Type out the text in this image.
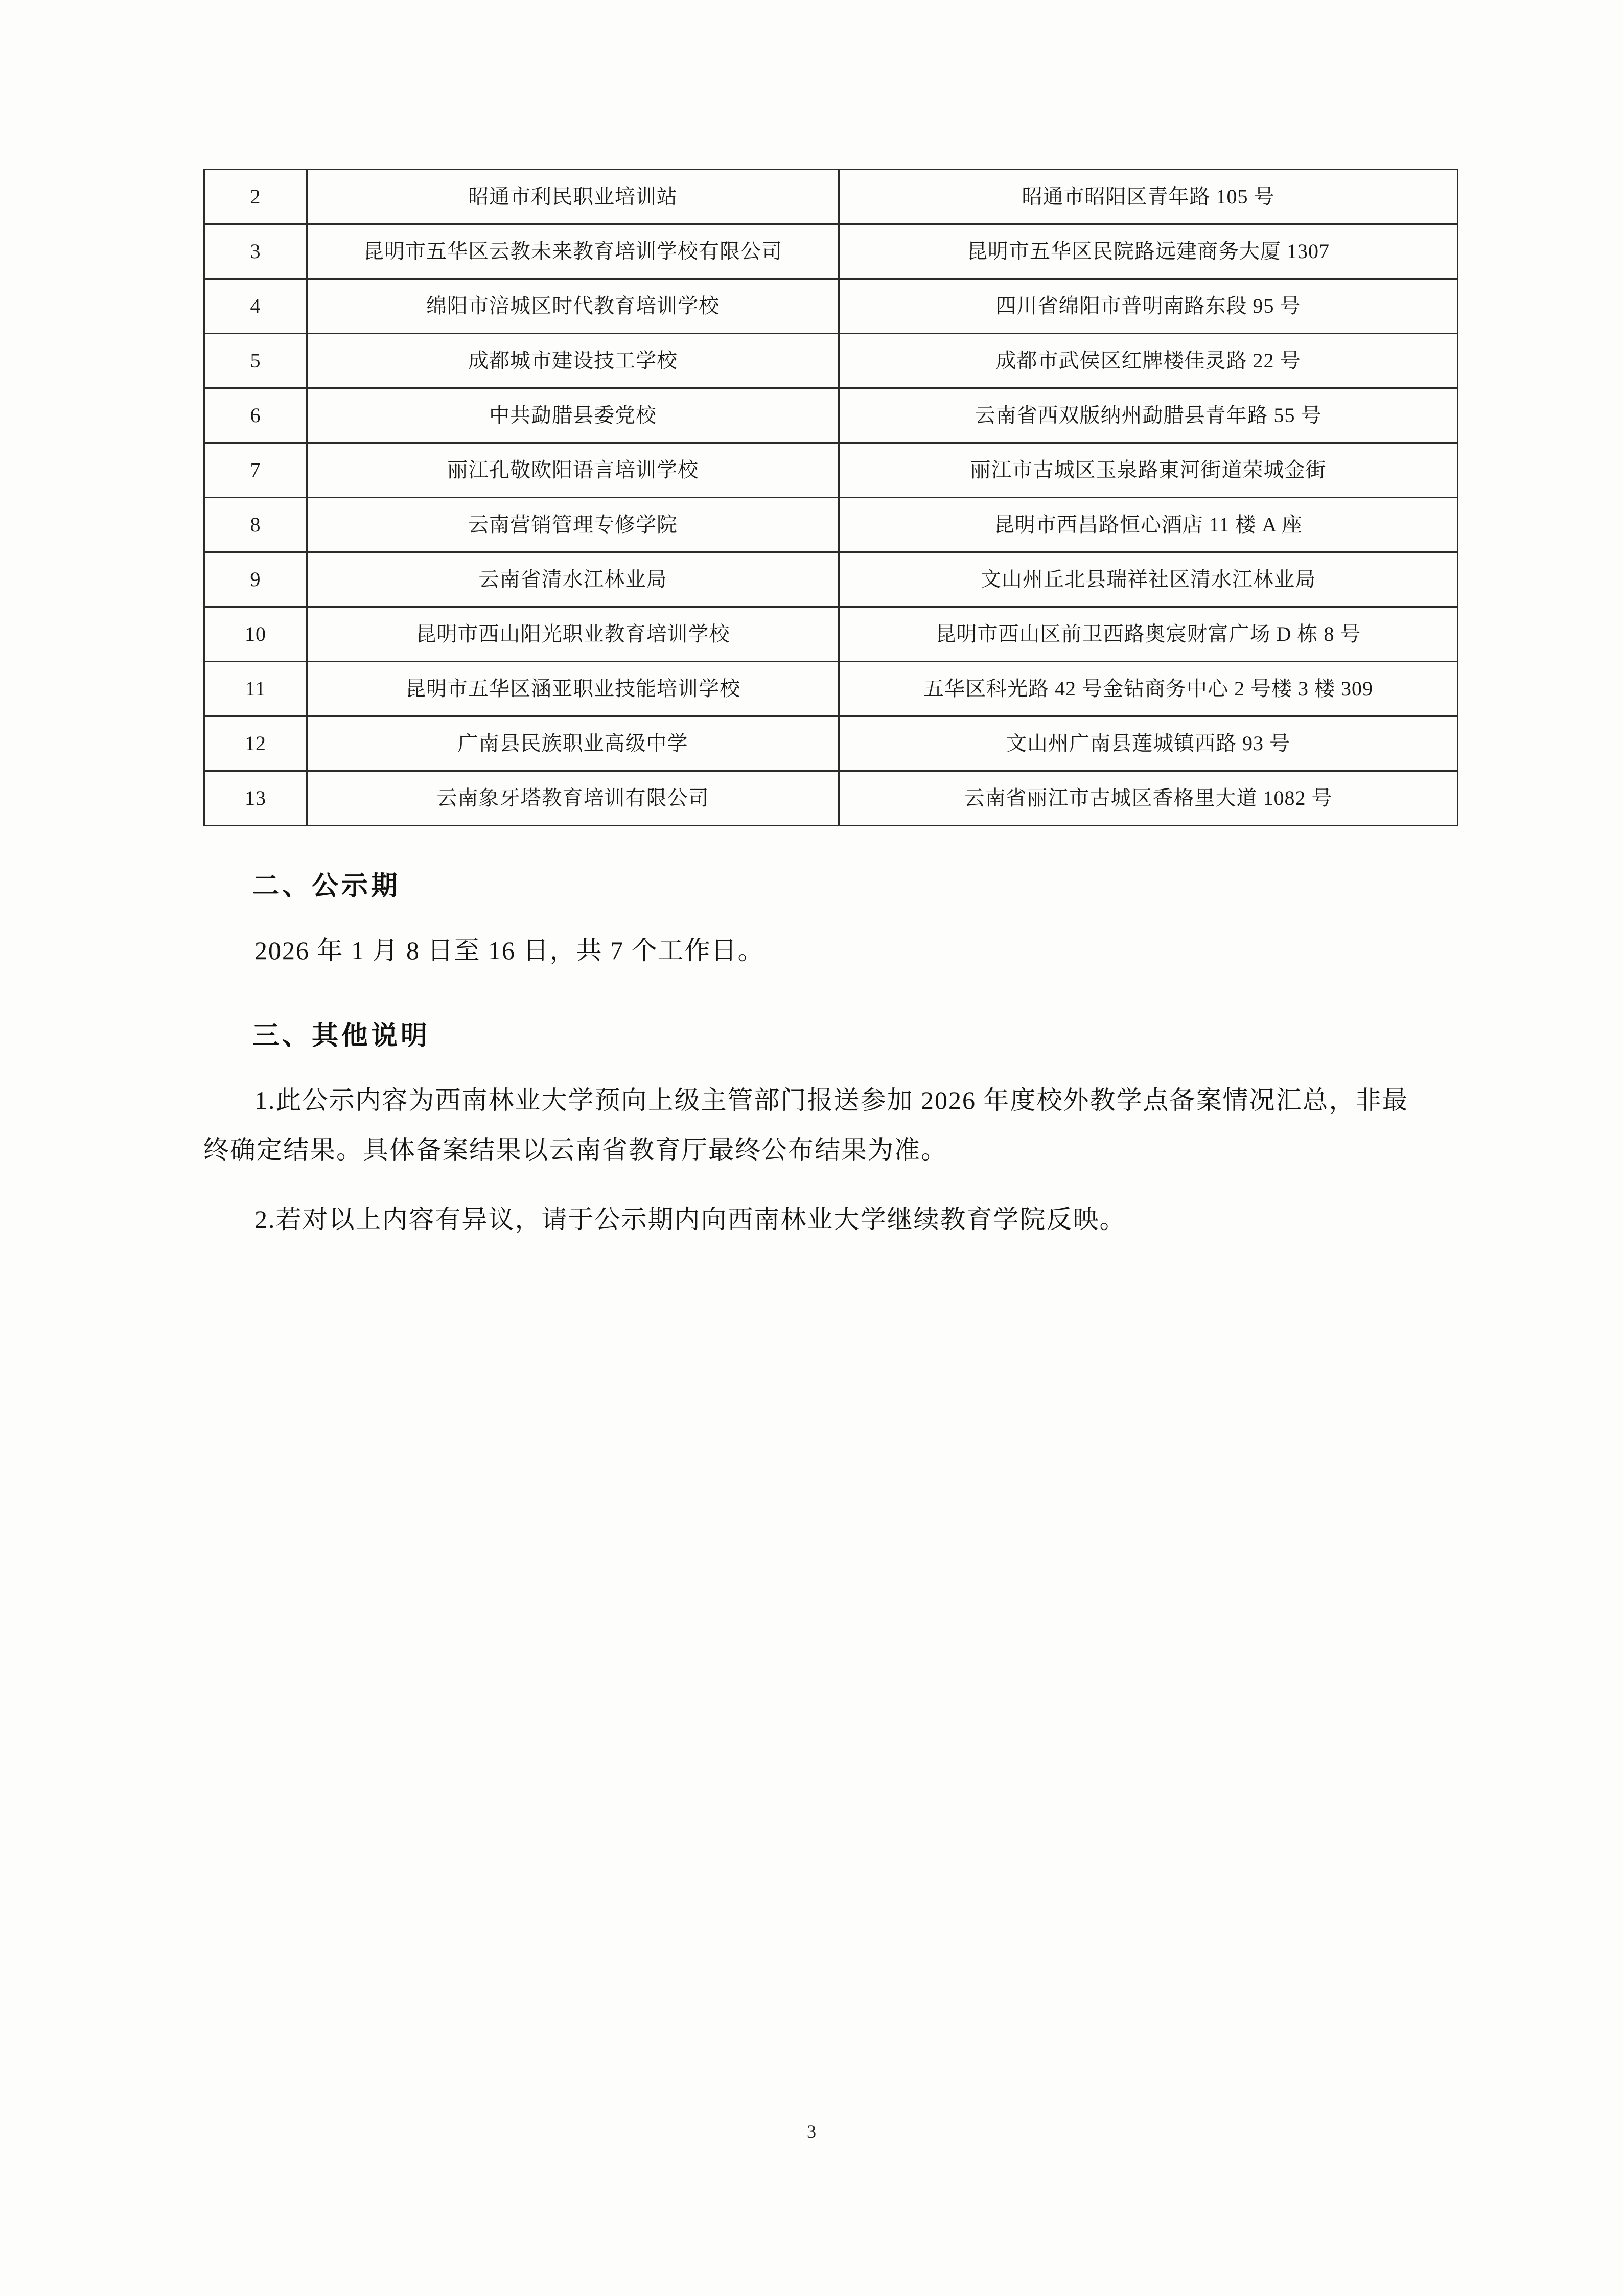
2	昭通市利民职业培训站	昭通市昭阳区青年路 105 号
3	昆明市五华区云教未来教育培训学校有限公司	昆明市五华区民院路远建商务大厦 1307
4	绵阳市涪城区时代教育培训学校	四川省绵阳市普明南路东段 95 号
5	成都城市建设技工学校	成都市武侯区红牌楼佳灵路 22 号
6	中共勐腊县委党校	云南省西双版纳州勐腊县青年路 55 号
7	丽江孔敬欧阳语言培训学校	丽江市古城区玉泉路東河街道荣城金街
8	云南营销管理专修学院	昆明市西昌路恒心酒店 11 楼 A 座
9	云南省清水江林业局	文山州丘北县瑞祥社区清水江林业局
10	昆明市西山阳光职业教育培训学校	昆明市西山区前卫西路奥宸财富广场 D 栋 8 号
11	昆明市五华区涵亚职业技能培训学校	五华区科光路 42 号金钻商务中心 2 号楼 3 楼 309
12	广南县民族职业高级中学	文山州广南县莲城镇西路 93 号
13	云南象牙塔教育培训有限公司	云南省丽江市古城区香格里大道 1082 号
二、公示期

2026 年 1 月 8 日至 16 日，共 7 个工作日。

三、其他说明

1.此公示内容为西南林业大学预向上级主管部门报送参加 2026 年度校外教学点备案情况汇总，非最终确定结果。具体备案结果以云南省教育厅最终公布结果为准。

2.若对以上内容有异议，请于公示期内向西南林业大学继续教育学院反映。

3
